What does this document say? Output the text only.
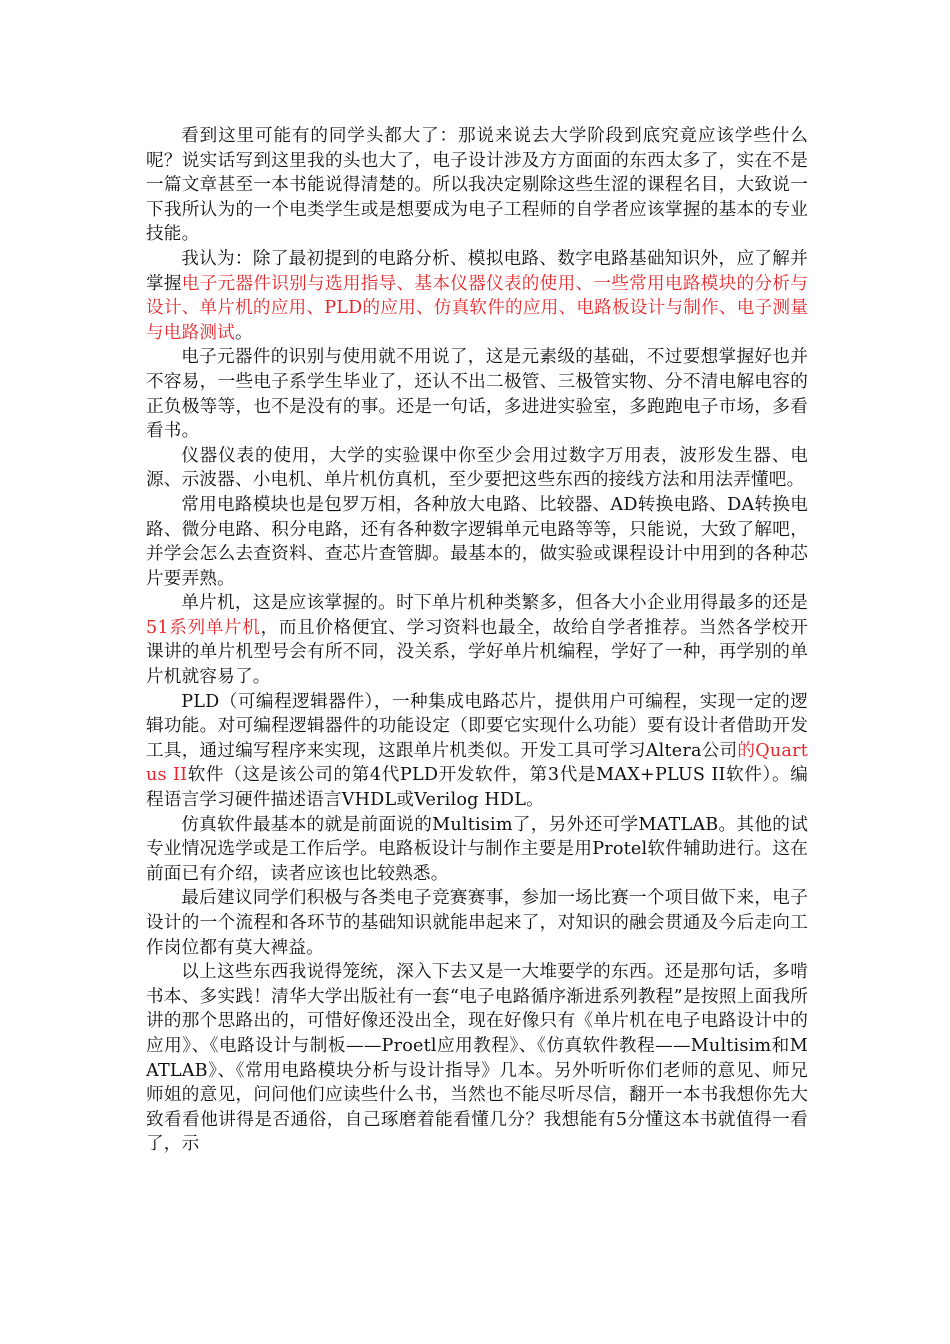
看到这里可能有的同学头都大了：那说来说去大学阶段到底究竟应该学些什么呢？说实话写到这里我的头也大了，电子设计涉及方方面面的东西太多了，实在不是一篇文章甚至一本书能说得清楚的。所以我决定剔除这些生涩的课程名目，大致说一下我所认为的一个电类学生或是想要成为电子工程师的自学者应该掌握的基本的专业技能。

我认为：除了最初提到的电路分析、模拟电路、数字电路基础知识外，应了解并掌握电子元器件识别与选用指导、基本仪器仪表的使用、一些常用电路模块的分析与设计、单片机的应用、PLD的应用、仿真软件的应用、电路板设计与制作、电子测量与电路测试。

电子元器件的识别与使用就不用说了，这是元素级的基础，不过要想掌握好也并不容易，一些电子系学生毕业了，还认不出二极管、三极管实物、分不清电解电容的正负极等等，也不是没有的事。还是一句话，多进进实验室，多跑跑电子市场，多看看书。

仪器仪表的使用，大学的实验课中你至少会用过数字万用表，波形发生器、电源、示波器、小电机、单片机仿真机，至少要把这些东西的接线方法和用法弄懂吧。

常用电路模块也是包罗万相，各种放大电路、比较器、AD转换电路、DA转换电路、微分电路、积分电路，还有各种数字逻辑单元电路等等，只能说，大致了解吧，并学会怎么去查资料、查芯片查管脚。最基本的，做实验或课程设计中用到的各种芯片要弄熟。

单片机，这是应该掌握的。时下单片机种类繁多，但各大小企业用得最多的还是51系列单片机，而且价格便宜、学习资料也最全，故给自学者推荐。当然各学校开课讲的单片机型号会有所不同，没关系，学好单片机编程，学好了一种，再学别的单片机就容易了。

PLD（可编程逻辑器件），一种集成电路芯片，提供用户可编程，实现一定的逻辑功能。对可编程逻辑器件的功能设定（即要它实现什么功能）要有设计者借助开发工具，通过编写程序来实现，这跟单片机类似。开发工具可学习Altera公司的Quartus II软件（这是该公司的第4代PLD开发软件，第3代是MAX+PLUS II软件）。编程语言学习硬件描述语言VHDL或Verilog HDL。

仿真软件最基本的就是前面说的Multisim了，另外还可学MATLAB。其他的试专业情况选学或是工作后学。电路板设计与制作主要是用Protel软件辅助进行。这在前面已有介绍，读者应该也比较熟悉。

最后建议同学们积极与各类电子竞赛赛事，参加一场比赛一个项目做下来，电子设计的一个流程和各环节的基础知识就能串起来了，对知识的融会贯通及今后走向工作岗位都有莫大裨益。

以上这些东西我说得笼统，深入下去又是一大堆要学的东西。还是那句话，多啃书本、多实践！清华大学出版社有一套“电子电路循序渐进系列教程”是按照上面我所讲的那个思路出的，可惜好像还没出全，现在好像只有《单片机在电子电路设计中的应用》、《电路设计与制板——Proetl应用教程》、《仿真软件教程——Multisim和MATLAB》、《常用电路模块分析与设计指导》几本。另外听听你们老师的意见、师兄师姐的意见，问问他们应读些什么书，当然也不能尽听尽信，翻开一本书我想你先大致看看他讲得是否通俗，自己琢磨着能看懂几分？我想能有5分懂这本书就值得一看了，示
